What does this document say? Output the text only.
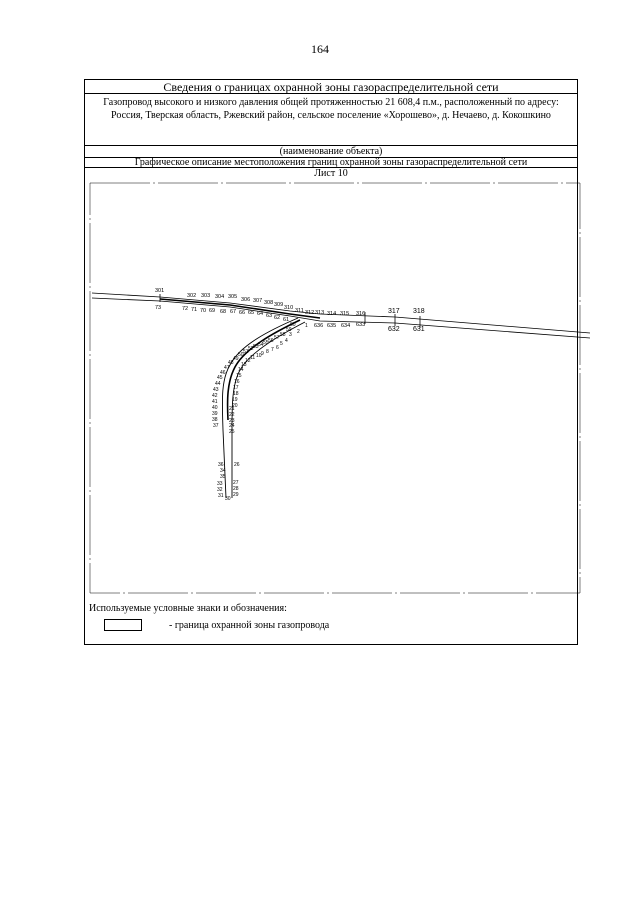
164
Сведения о границах охранной зоны газораспределительной сети
Газопровод высокого и низкого давления общей протяженностью 21 608,4 п.м., расположенный по адресу: Россия, Тверская область, Ржевский район, сельское поселение «Хорошево», д. Нечаево, д. Кокошкино
(наименование объекта)
Графическое описание местоположения границ охранной зоны газораспределительной сети
Лист 10
Используемые условные знаки и обозначения:
- граница охранной зоны газопровода
301
302 303 304 305 306 307 308 309 310 311 312 313 314 315 316	317 318
73	72 71 70 69 68 67 66 65 64 63 62 61
636 635 634 633
632 631
1
2
3
4
5
6
7
8
9
10
11
12
13
14
15
16
17
18
19
20
21
22
23
24
25
26
27
28
29
30
31
32
33
34
35
36
37
38
39
40
41
42
43
44
45
46
47
48
49
50 51 52 53 54 55 56 57 58
59
60
